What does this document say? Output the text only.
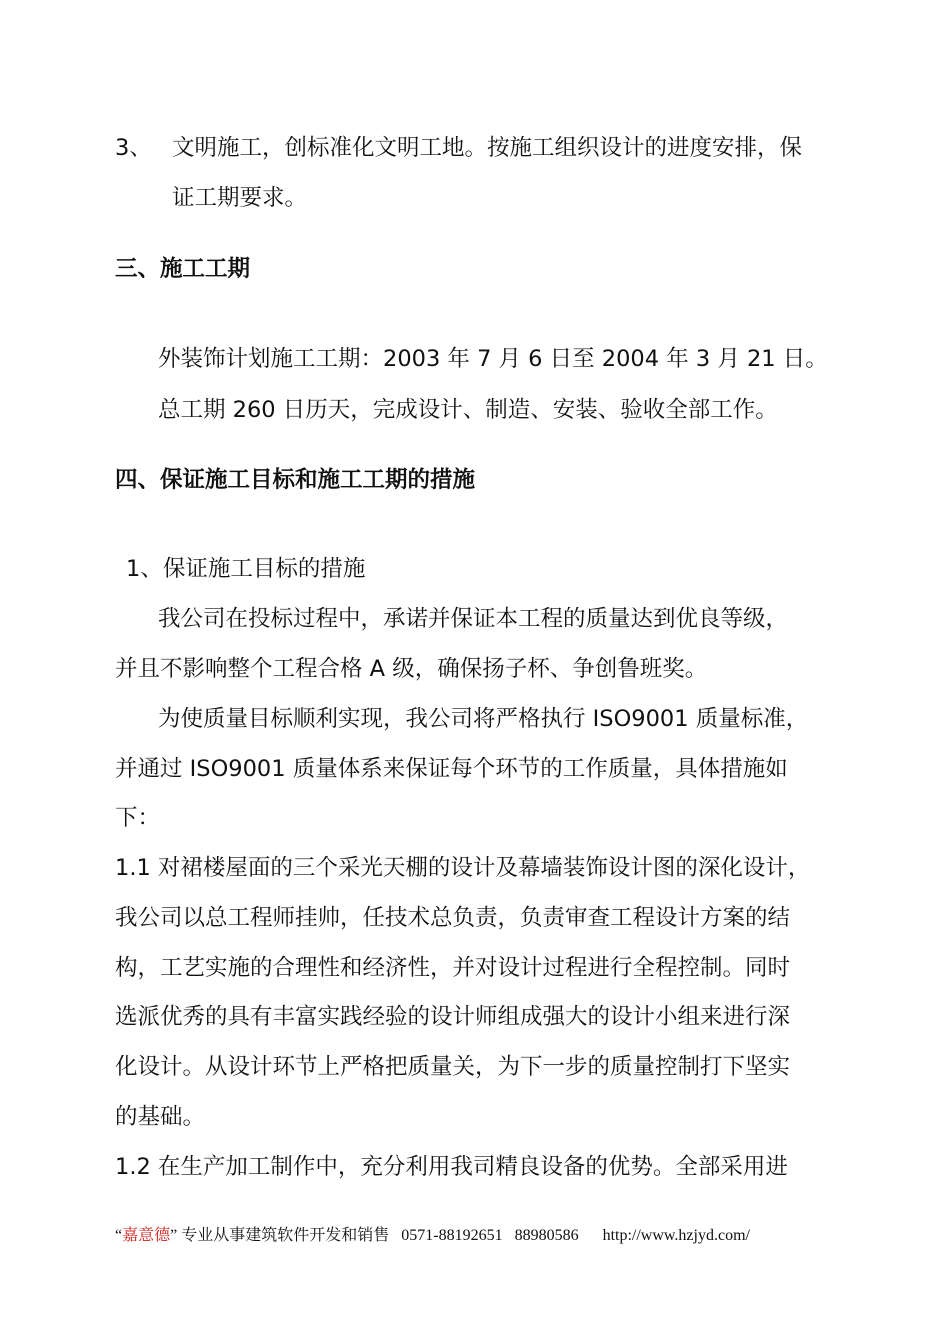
3、 文明施工，创标准化文明工地。按施工组织设计的进度安排，保
证工期要求。
三、施工工期
外装饰计划施工工期：2003 年 7 月 6 日至 2004 年 3 月 21 日。
总工期 260 日历天，完成设计、制造、安装、验收全部工作。
四、保证施工目标和施工工期的措施
1、保证施工目标的措施
我公司在投标过程中，承诺并保证本工程的质量达到优良等级，
并且不影响整个工程合格 A 级，确保扬子杯、争创鲁班奖。
为使质量目标顺利实现，我公司将严格执行 ISO9001 质量标准，
并通过 ISO9001 质量体系来保证每个环节的工作质量，具体措施如
下：
1.1 对裙楼屋面的三个采光天棚的设计及幕墙装饰设计图的深化设计，
我公司以总工程师挂帅，任技术总负责，负责审查工程设计方案的结
构，工艺实施的合理性和经济性，并对设计过程进行全程控制。同时
选派优秀的具有丰富实践经验的设计师组成强大的设计小组来进行深
化设计。从设计环节上严格把质量关，为下一步的质量控制打下坚实
的基础。
1.2 在生产加工制作中，充分利用我司精良设备的优势。全部采用进
“嘉意德” 专业从事建筑软件开发和销售 0571-88192651 88980586 http://www.hzjyd.com/
